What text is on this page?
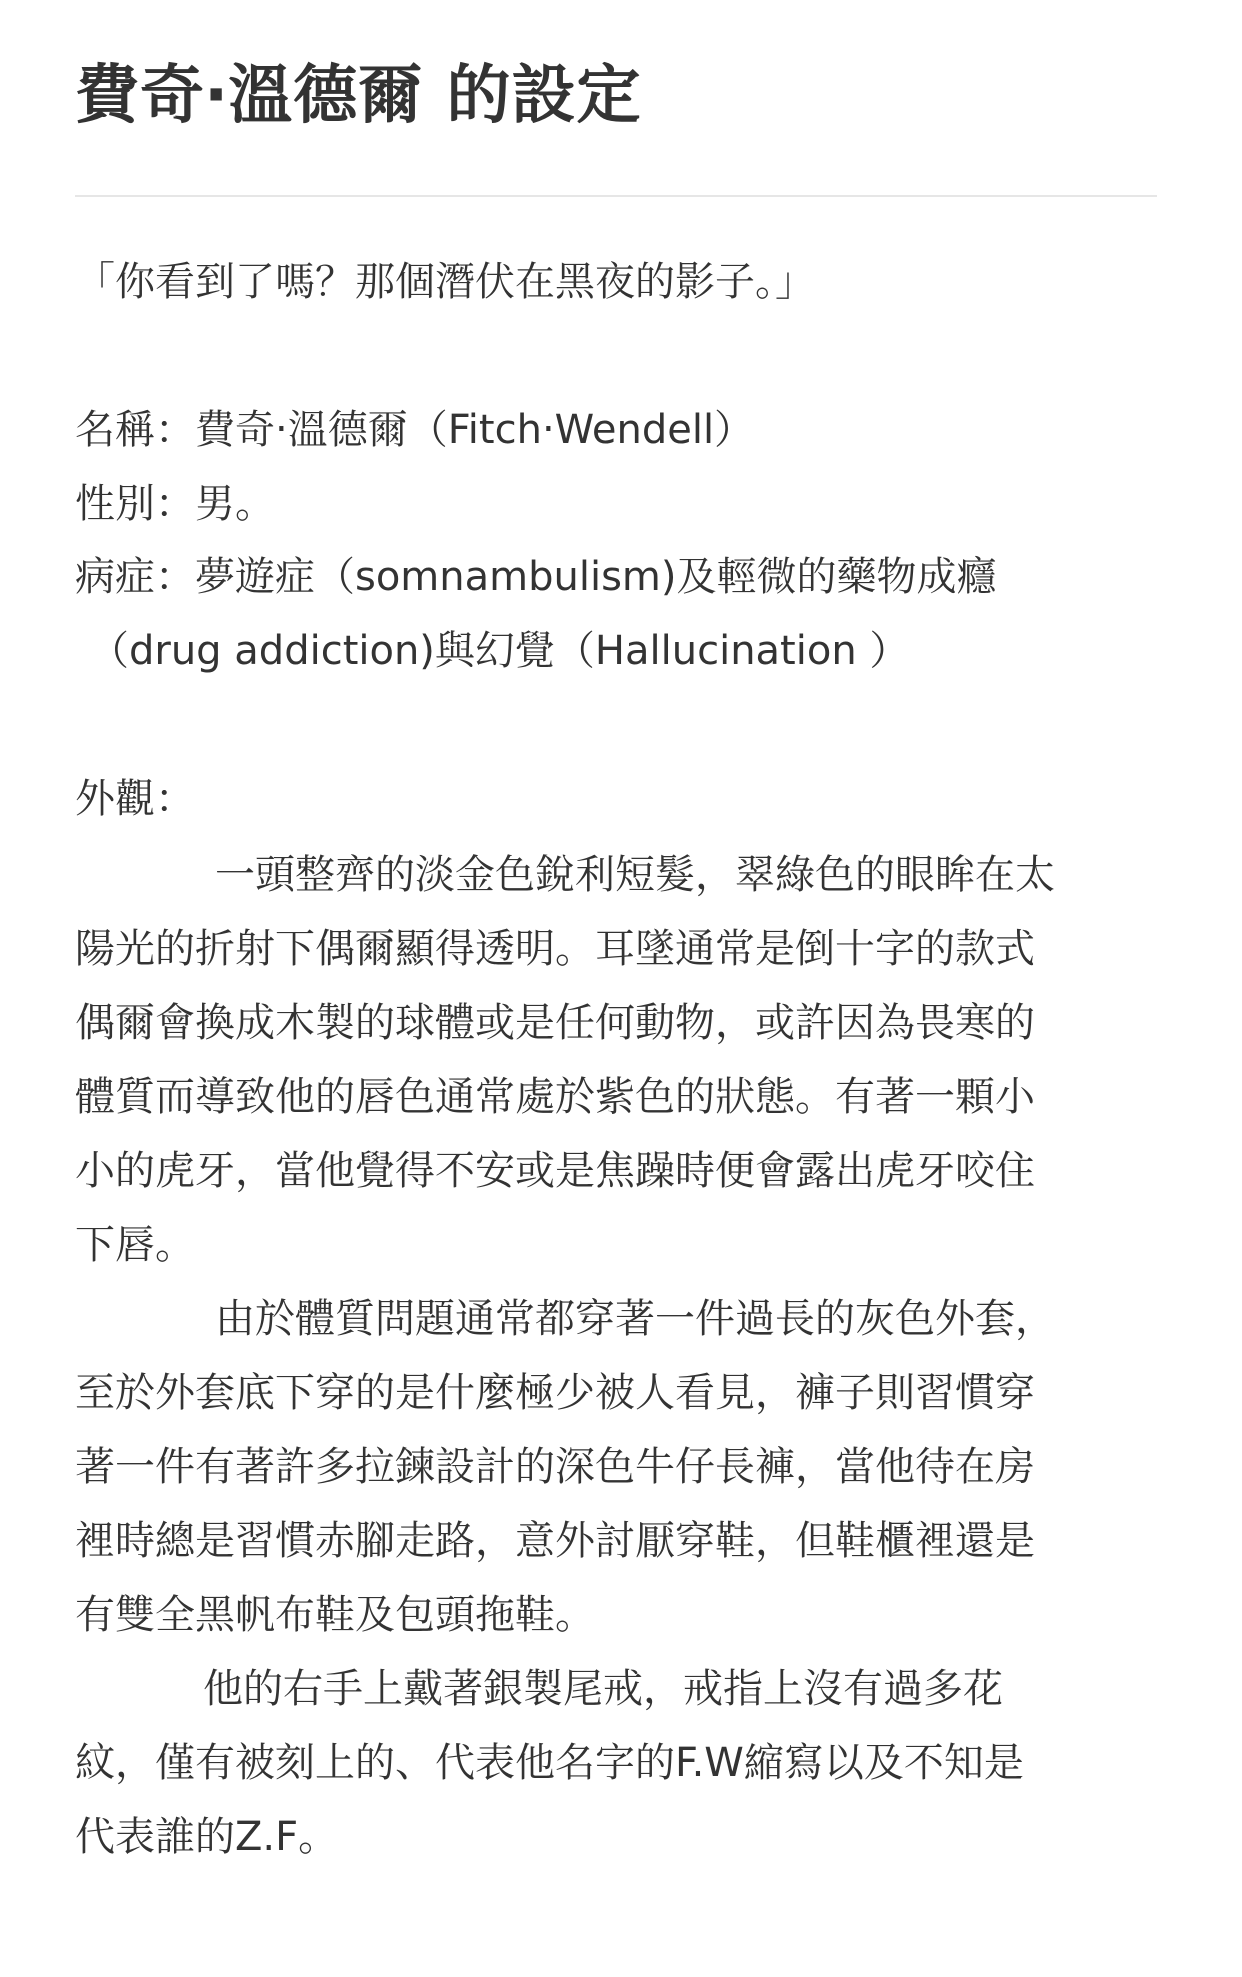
費奇‧溫德爾 的設定

「你看到了嗎？那個潛伏在黑夜的影子。」

名稱：費奇‧溫德爾（Fitch‧Wendell）

性別：男。

病症：夢遊症（somnambulism)及輕微的藥物成癮

（drug addiction)與幻覺（Hallucination ）

外觀：

一頭整齊的淡金色銳利短髮，翠綠色的眼眸在太
陽光的折射下偶爾顯得透明。耳墜通常是倒十字的款式
偶爾會換成木製的球體或是任何動物，或許因為畏寒的
體質而導致他的唇色通常處於紫色的狀態。有著一顆小
小的虎牙，當他覺得不安或是焦躁時便會露出虎牙咬住
下唇。
由於體質問題通常都穿著一件過長的灰色外套，
至於外套底下穿的是什麼極少被人看見，褲子則習慣穿
著一件有著許多拉鍊設計的深色牛仔長褲，當他待在房
裡時總是習慣赤腳走路，意外討厭穿鞋，但鞋櫃裡還是
有雙全黑帆布鞋及包頭拖鞋。
他的右手上戴著銀製尾戒，戒指上沒有過多花
紋，僅有被刻上的、代表他名字的F.W縮寫以及不知是
代表誰的Z.F。
